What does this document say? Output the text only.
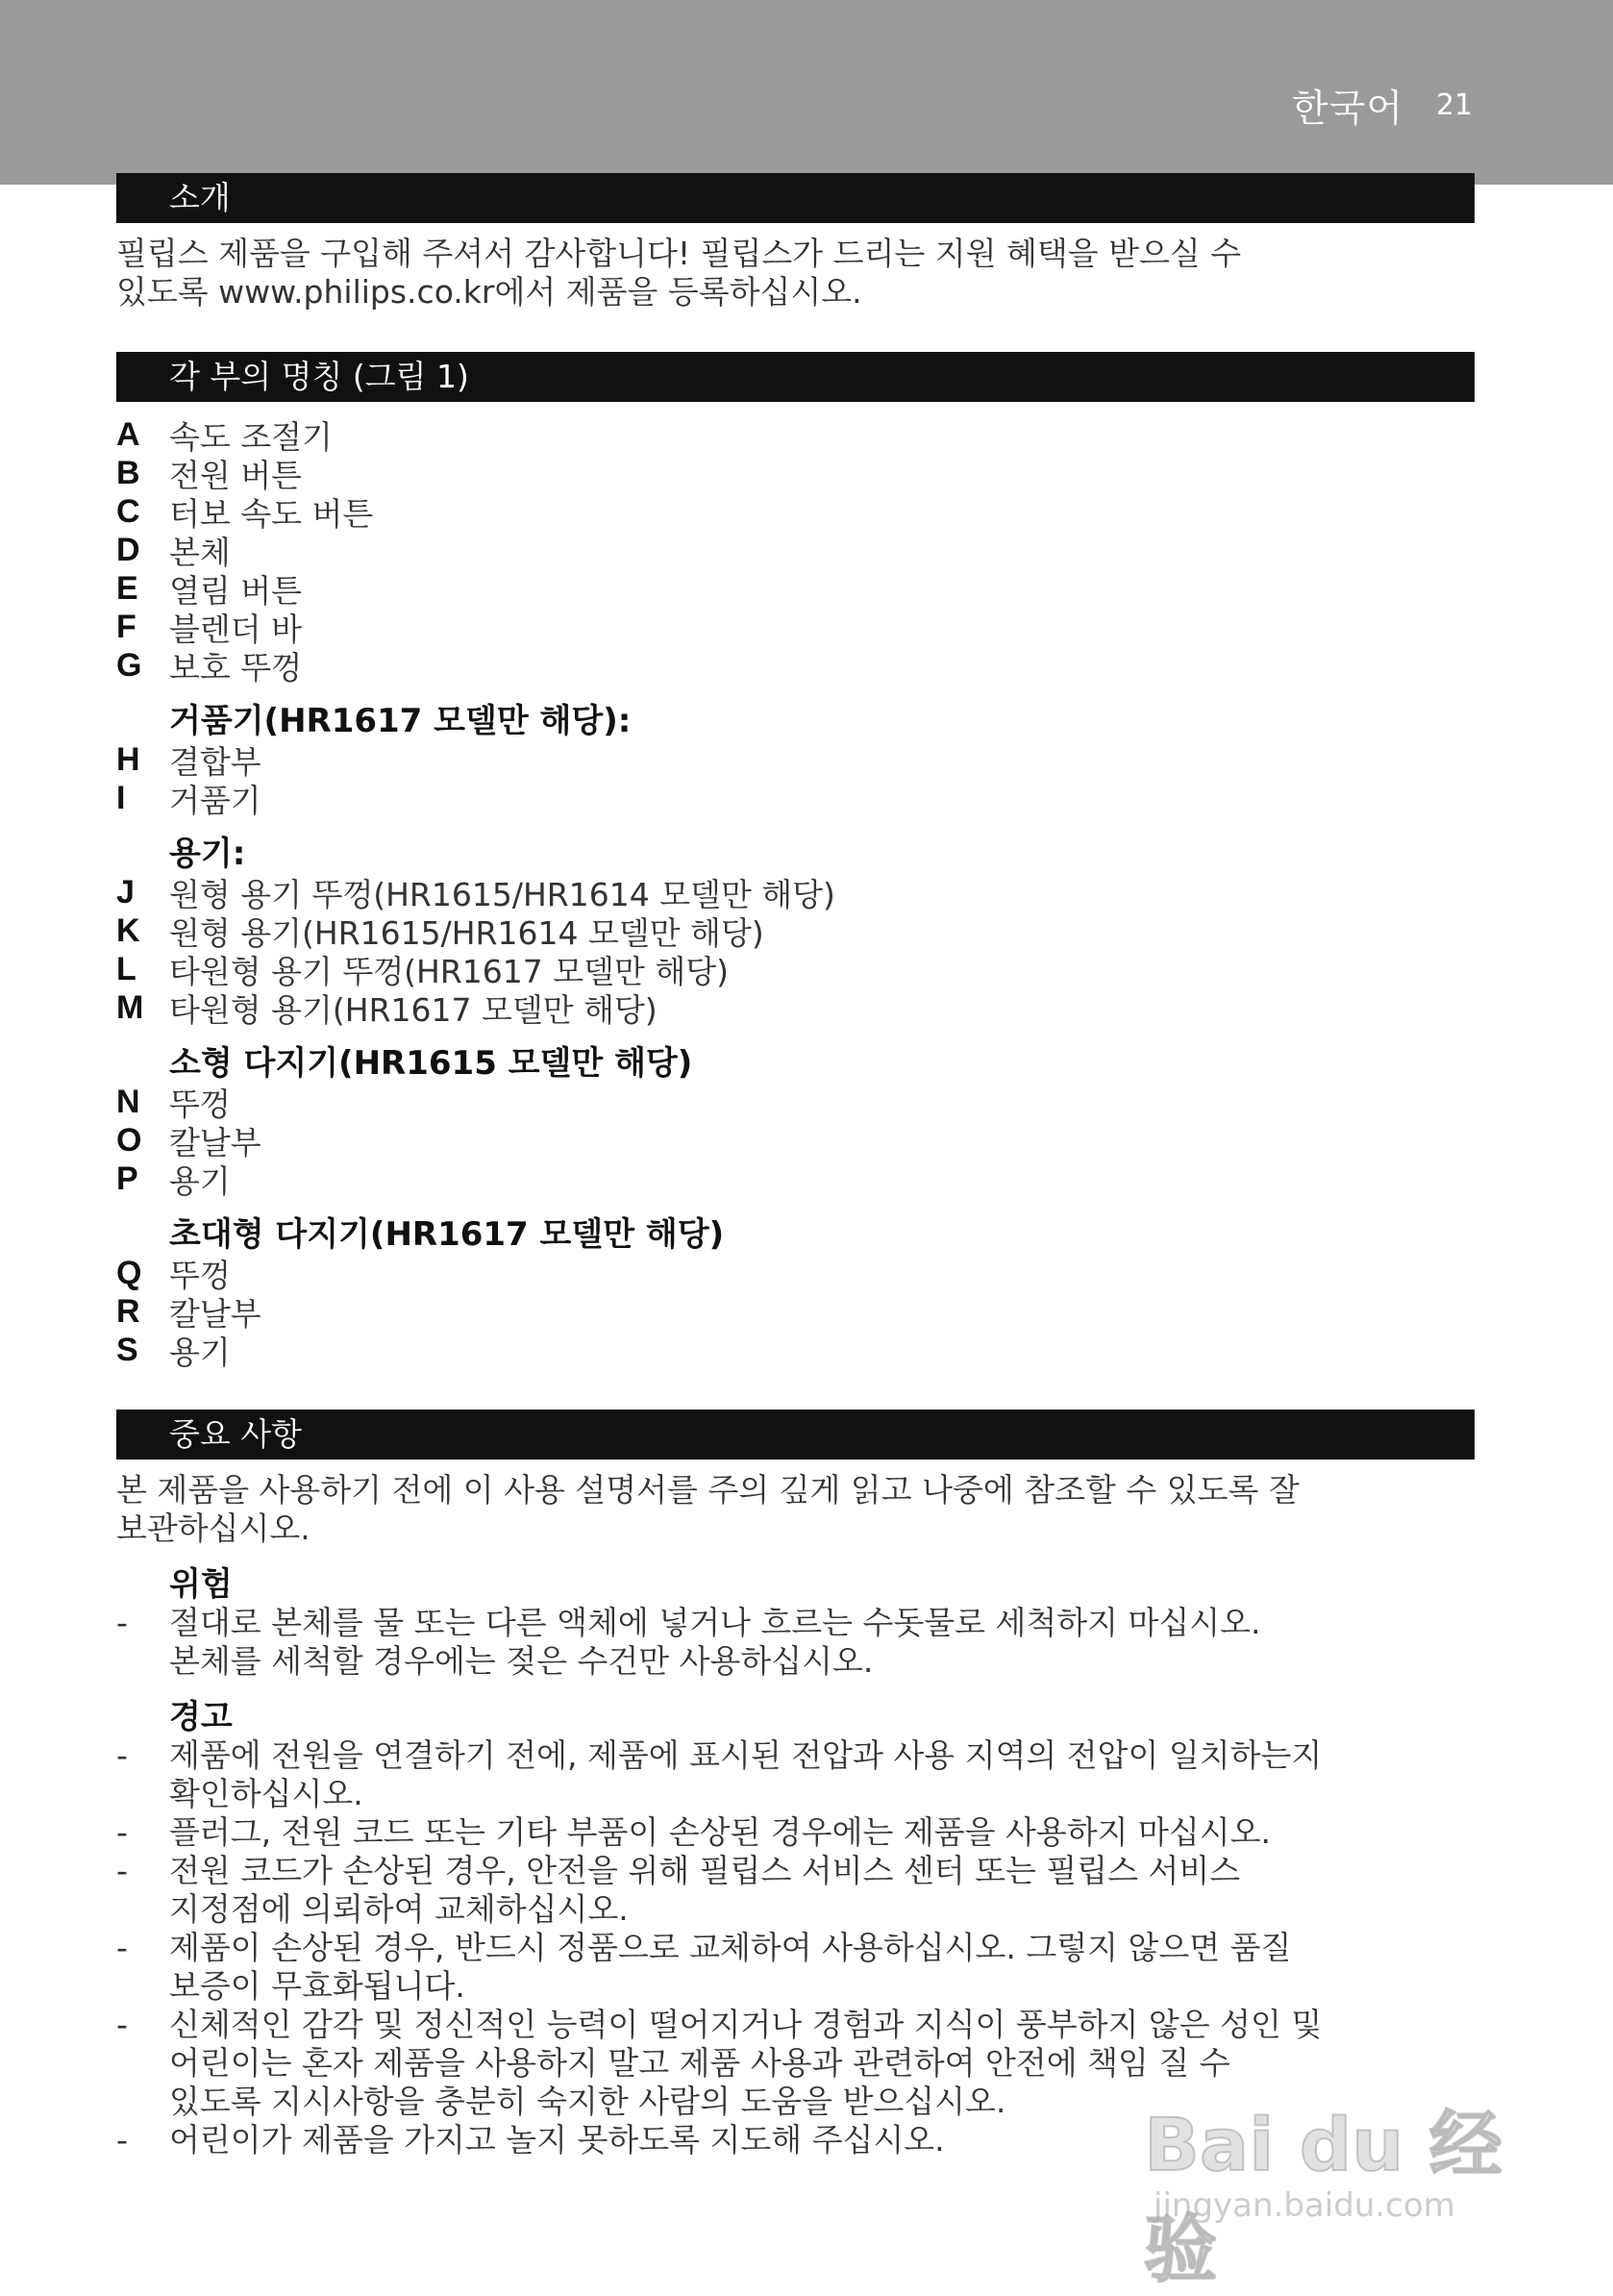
한국어 21
소개

필립스 제품을 구입해 주셔서 감사합니다! 필립스가 드리는 지원 혜택을 받으실 수
있도록 www.philips.co.kr에서 제품을 등록하십시오.

각 부의 명칭 (그림 1)
A 속도 조절기
B 전원 버튼
C 터보 속도 버튼
D 본체
E 열림 버튼
F	블렌더 바
G 보호 뚜껑
거품기(HR1617 모델만 해당):
H 결합부
I	거품기
용기:
J	원형 용기 뚜껑(HR1615/HR1614 모델만 해당)
K 원형 용기(HR1615/HR1614 모델만 해당)
L	타원형 용기 뚜껑(HR1617 모델만 해당)
M 타원형 용기(HR1617 모델만 해당)
소형 다지기(HR1615 모델만 해당)
N 뚜껑
O 칼날부
P 용기
초대형 다지기(HR1617 모델만 해당)
Q 뚜껑
R 칼날부
S 용기
중요 사항

본 제품을 사용하기 전에 이 사용 설명서를 주의 깊게 읽고 나중에 참조할 수 있도록 잘
보관하십시오.

위험
-	절대로 본체를 물 또는 다른 액체에 넣거나 흐르는 수돗물로 세척하지 마십시오.
본체를 세척할 경우에는 젖은 수건만 사용하십시오.
경고
-	제품에 전원을 연결하기 전에, 제품에 표시된 전압과 사용 지역의 전압이 일치하는지
확인하십시오.
-	플러그, 전원 코드 또는 기타 부품이 손상된 경우에는 제품을 사용하지 마십시오.
-	전원 코드가 손상된 경우, 안전을 위해 필립스 서비스 센터 또는 필립스 서비스
지정점에 의뢰하여 교체하십시오.
-	제품이 손상된 경우, 반드시 정품으로 교체하여 사용하십시오. 그렇지 않으면 품질
보증이 무효화됩니다.
-	신체적인 감각 및 정신적인 능력이 떨어지거나 경험과 지식이 풍부하지 않은 성인 및
어린이는 혼자 제품을 사용하지 말고 제품 사용과 관련하여 안전에 책임 질 수
있도록 지시사항을 충분히 숙지한 사람의 도움을 받으십시오.
-	어린이가 제품을 가지고 놀지 못하도록 지도해 주십시오.	Bai du 经验
jingyan.baidu.com
